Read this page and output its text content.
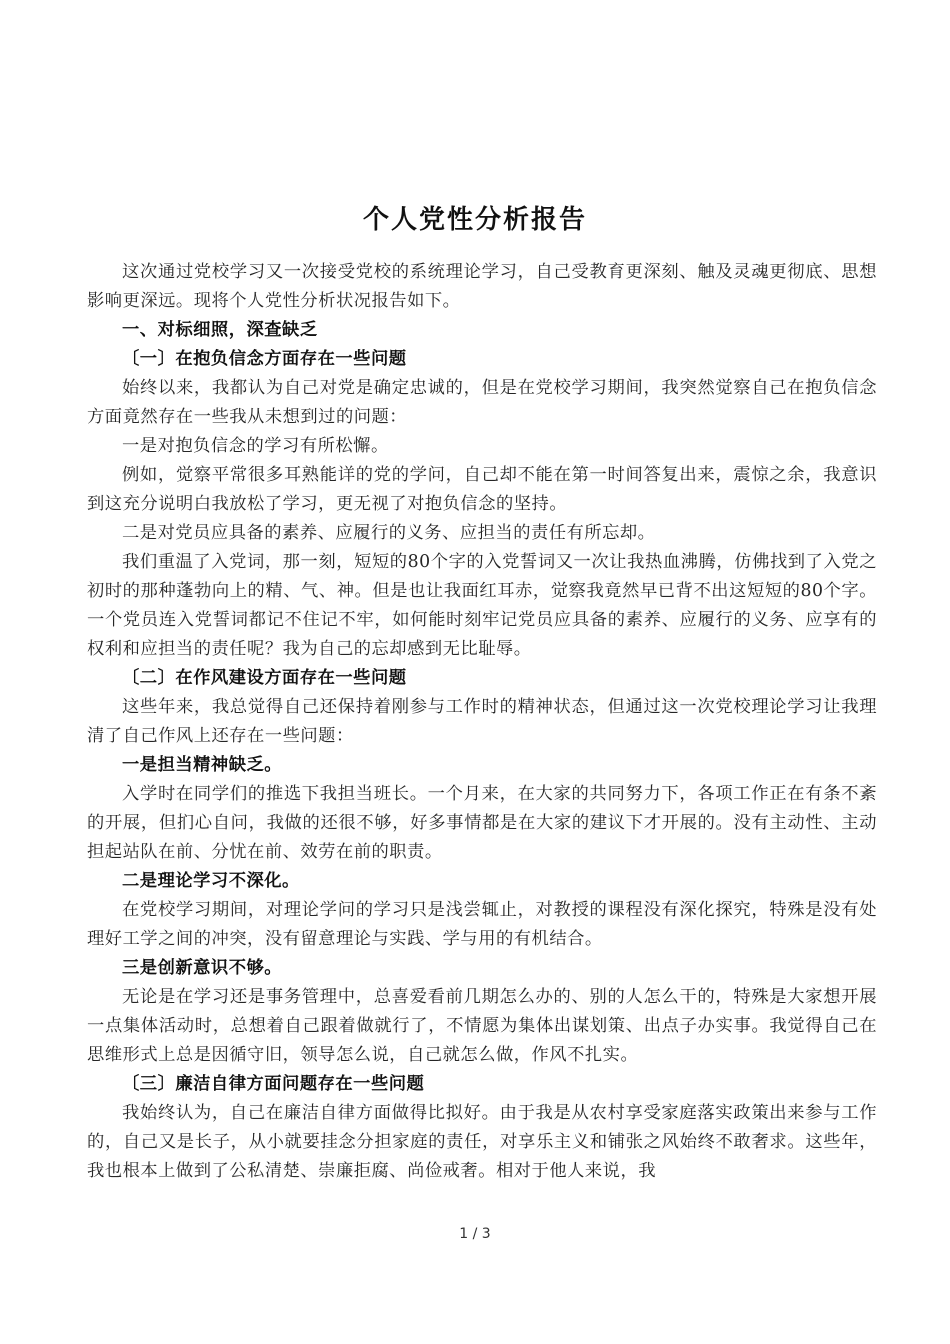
个人党性分析报告

这次通过党校学习又一次接受党校的系统理论学习，自己受教育更深刻、触及灵魂更彻底、思想影响更深远。现将个人党性分析状况报告如下。

一、对标细照，深查缺乏

〔一〕在抱负信念方面存在一些问题

始终以来，我都认为自己对党是确定忠诚的，但是在党校学习期间，我突然觉察自己在抱负信念方面竟然存在一些我从未想到过的问题：

一是对抱负信念的学习有所松懈。

例如，觉察平常很多耳熟能详的党的学问，自己却不能在第一时间答复出来，震惊之余，我意识到这充分说明白我放松了学习，更无视了对抱负信念的坚持。

二是对党员应具备的素养、应履行的义务、应担当的责任有所忘却。

我们重温了入党词，那一刻，短短的80个字的入党誓词又一次让我热血沸腾，仿佛找到了入党之初时的那种蓬勃向上的精、气、神。但是也让我面红耳赤，觉察我竟然早已背不出这短短的80个字。一个党员连入党誓词都记不住记不牢，如何能时刻牢记党员应具备的素养、应履行的义务、应享有的权利和应担当的责任呢？我为自己的忘却感到无比耻辱。

〔二〕在作风建设方面存在一些问题

这些年来，我总觉得自己还保持着刚参与工作时的精神状态，但通过这一次党校理论学习让我理清了自己作风上还存在一些问题：

一是担当精神缺乏。

入学时在同学们的推选下我担当班长。一个月来，在大家的共同努力下，各项工作正在有条不紊的开展，但扪心自问，我做的还很不够，好多事情都是在大家的建议下才开展的。没有主动性、主动担起站队在前、分忧在前、效劳在前的职责。

二是理论学习不深化。

在党校学习期间，对理论学问的学习只是浅尝辄止，对教授的课程没有深化探究，特殊是没有处理好工学之间的冲突，没有留意理论与实践、学与用的有机结合。

三是创新意识不够。

无论是在学习还是事务管理中，总喜爱看前几期怎么办的、别的人怎么干的，特殊是大家想开展一点集体活动时，总想着自己跟着做就行了，不情愿为集体出谋划策、出点子办实事。我觉得自己在思维形式上总是因循守旧，领导怎么说，自己就怎么做，作风不扎实。

〔三〕廉洁自律方面问题存在一些问题

我始终认为，自己在廉洁自律方面做得比拟好。由于我是从农村享受家庭落实政策出来参与工作的，自己又是长子，从小就要挂念分担家庭的责任，对享乐主义和铺张之风始终不敢奢求。这些年，我也根本上做到了公私清楚、崇廉拒腐、尚俭戒奢。相对于他人来说，我

1 / 3
